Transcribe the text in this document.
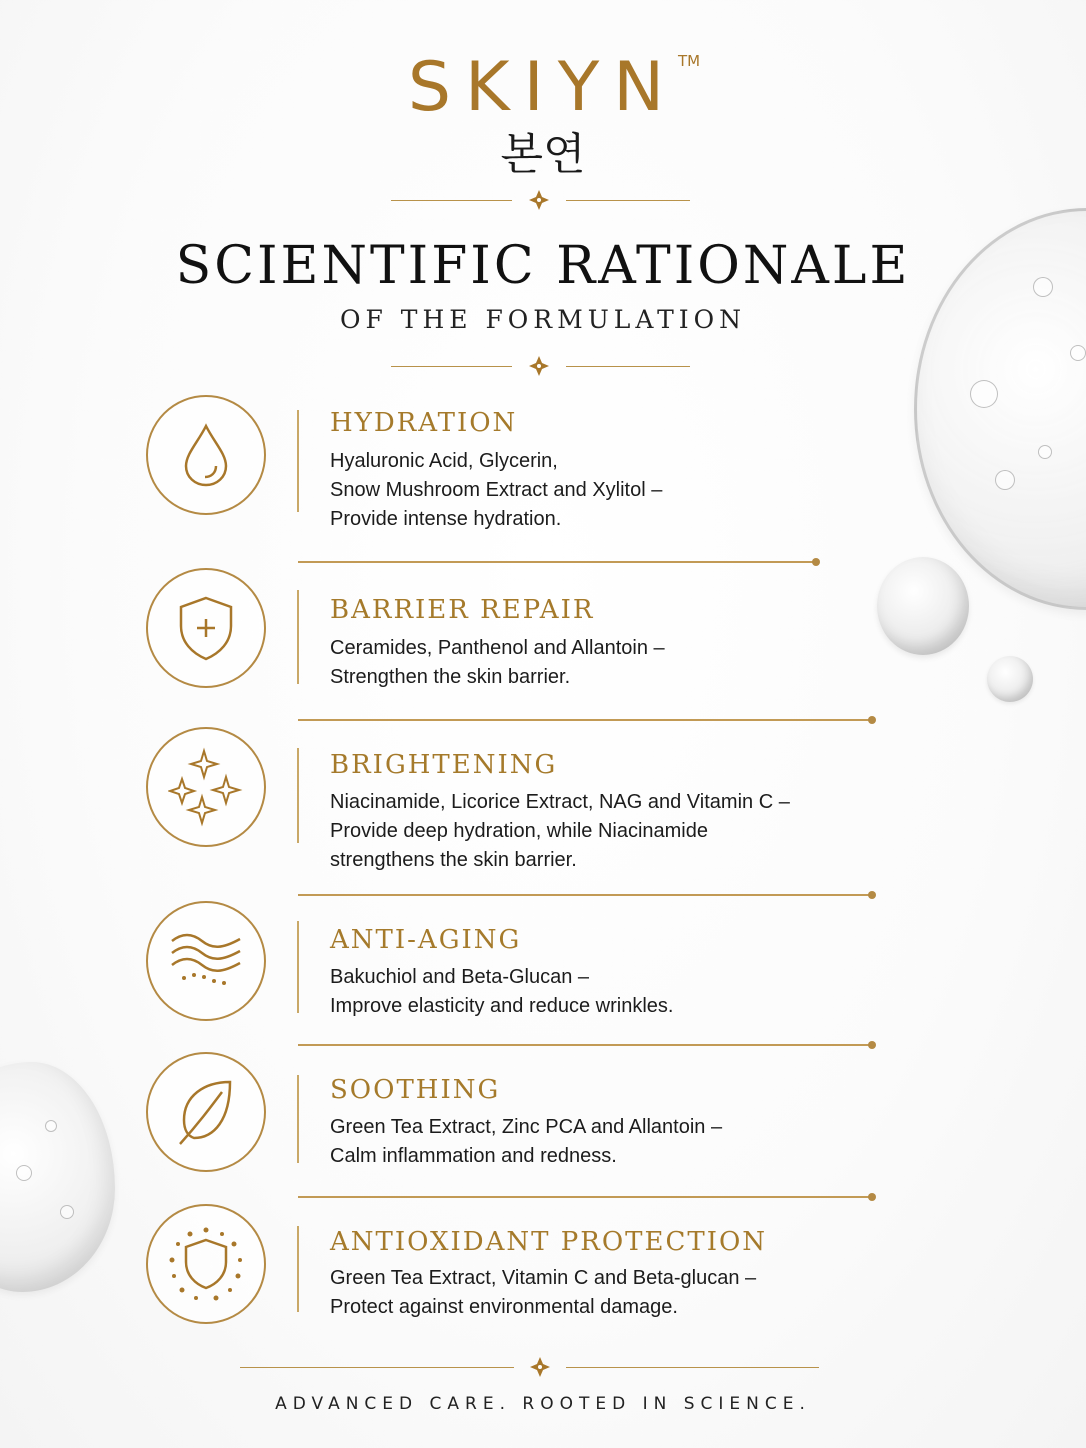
SKIYN TM
본연
SCIENTIFIC RATIONALE
OF THE FORMULATION
HYDRATION
Hyaluronic Acid, Glycerin,
Snow Mushroom Extract and Xylitol –
Provide intense hydration.
BARRIER REPAIR
Ceramides, Panthenol and Allantoin –
Strengthen the skin barrier.
BRIGHTENING
Niacinamide, Licorice Extract, NAG and Vitamin C –
Provide deep hydration, while Niacinamide
strengthens the skin barrier.
ANTI-AGING
Bakuchiol and Beta-Glucan –
Improve elasticity and reduce wrinkles.
SOOTHING
Green Tea Extract, Zinc PCA and Allantoin –
Calm inflammation and redness.
ANTIOXIDANT PROTECTION
Green Tea Extract, Vitamin C and Beta-glucan –
Protect against environmental damage.
ADVANCED CARE. ROOTED IN SCIENCE.
